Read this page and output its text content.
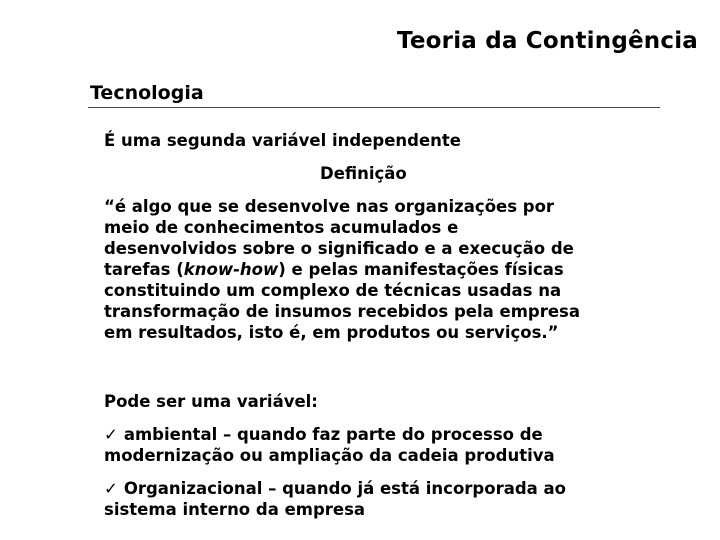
Teoria da Contingência
Tecnologia
É uma segunda variável independente
Definição

“é algo que se desenvolve nas organizações por
meio de conhecimentos acumulados e
desenvolvidos sobre o significado e a execução de
tarefas (know-how) e pelas manifestações físicas
constituindo um complexo de técnicas usadas na
transformação de insumos recebidos pela empresa
em resultados, isto é, em produtos ou serviços.”

Pode ser uma variável:

✓ ambiental – quando faz parte do processo de
modernização ou ampliação da cadeia produtiva

✓ Organizacional – quando já está incorporada ao
sistema interno da empresa
